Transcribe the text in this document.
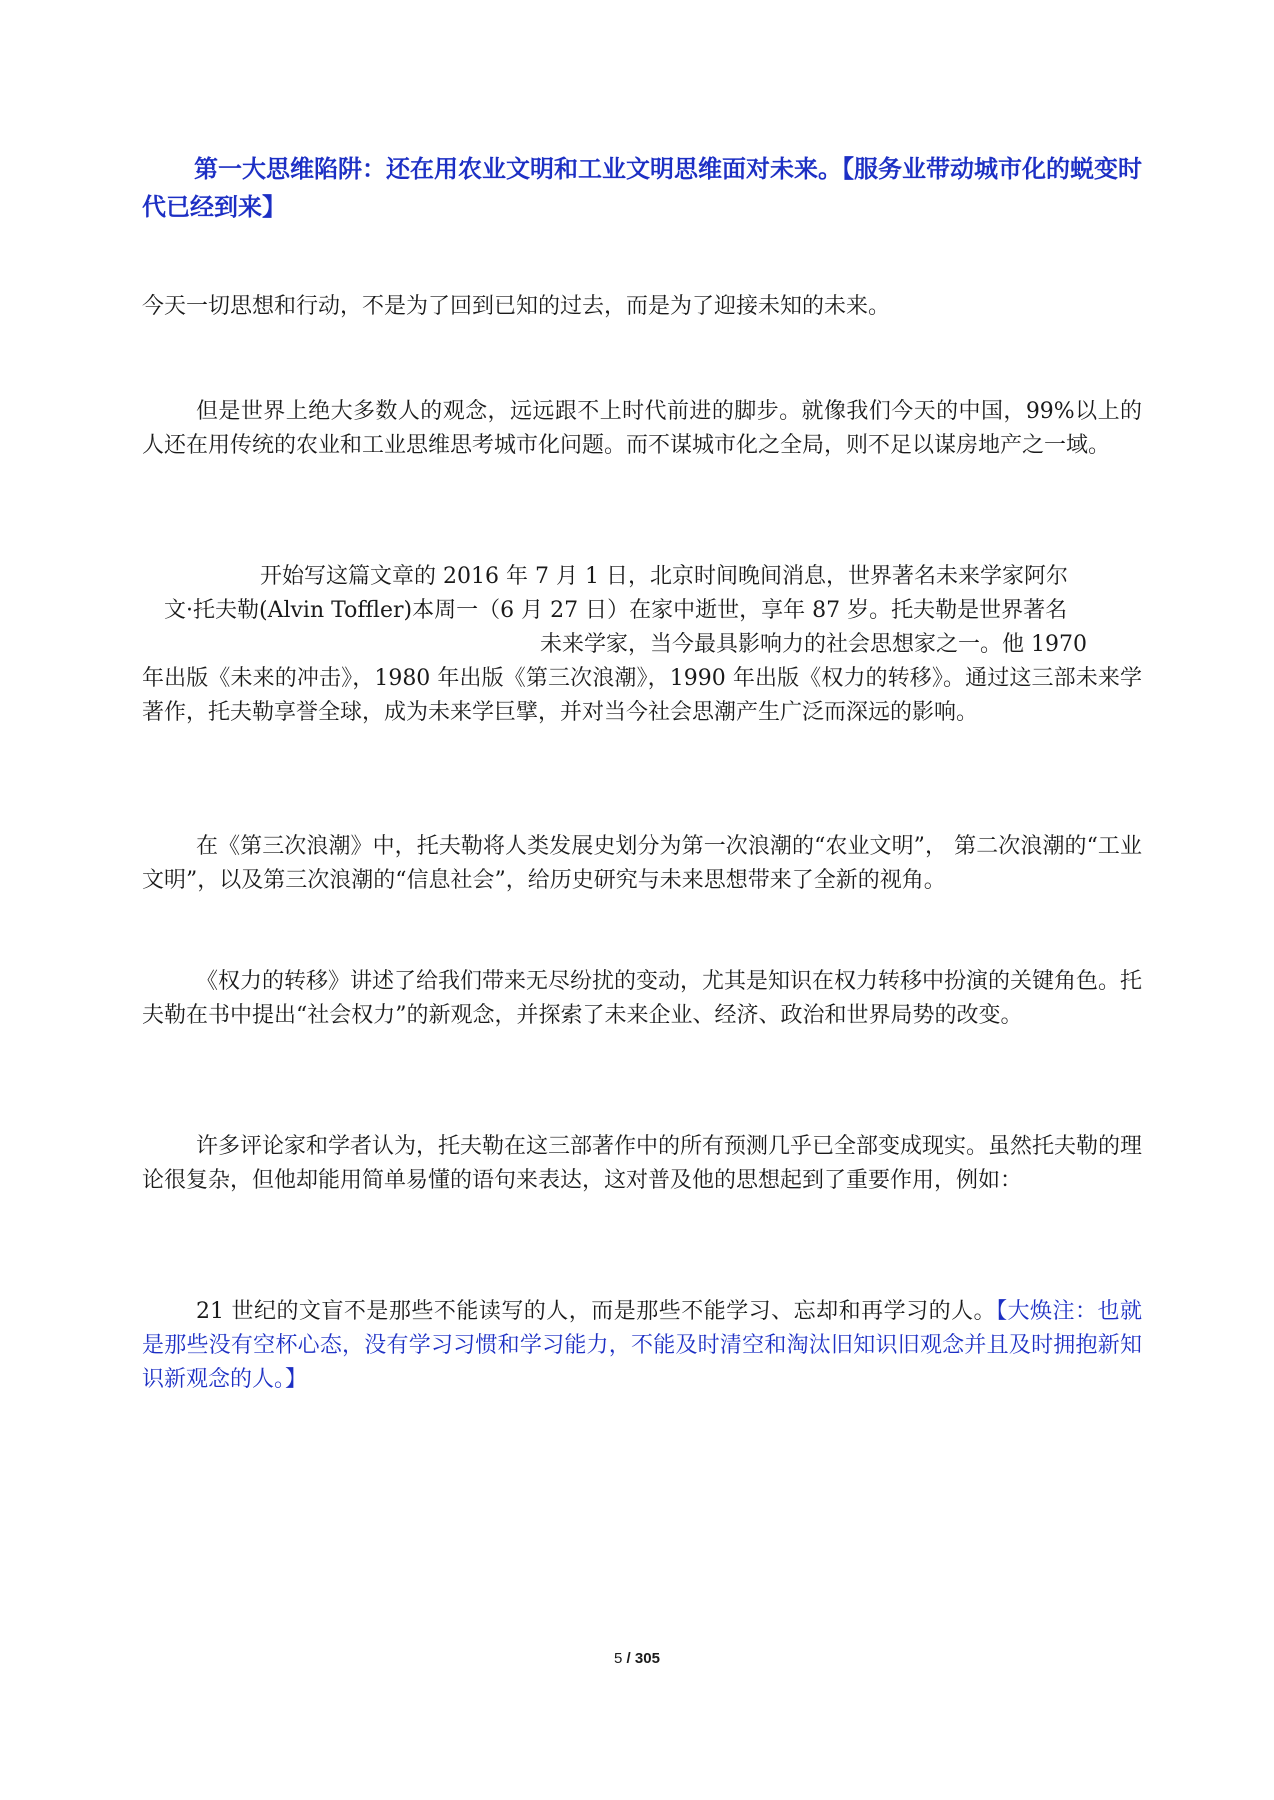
第一大思维陷阱：还在用农业文明和工业文明思维面对未来。【服务业带动城市化的蜕变时代已经到来】

今天一切思想和行动，不是为了回到已知的过去，而是为了迎接未知的未来。

但是世界上绝大多数人的观念，远远跟不上时代前进的脚步。就像我们今天的中国，99%以上的人还在用传统的农业和工业思维思考城市化问题。而不谋城市化之全局，则不足以谋房地产之一域。

开始写这篇文章的 2016 年 7 月 1 日，北京时间晚间消息，世界著名未来学家阿尔
文·托夫勒(Alvin Toffler)本周一（6 月 27 日）在家中逝世，享年 87 岁。托夫勒是世界著名
未来学家，当今最具影响力的社会思想家之一。他 1970
年出版《未来的冲击》，1980 年出版《第三次浪潮》，1990 年出版《权力的转移》。通过这三部未来学著作，托夫勒享誉全球，成为未来学巨擘，并对当今社会思潮产生广泛而深远的影响。

在《第三次浪潮》中，托夫勒将人类发展史划分为第一次浪潮的“农业文明”， 第二次浪潮的“工业文明”，以及第三次浪潮的“信息社会”，给历史研究与未来思想带来了全新的视角。

《权力的转移》讲述了给我们带来无尽纷扰的变动，尤其是知识在权力转移中扮演的关键角色。托夫勒在书中提出“社会权力”的新观念，并探索了未来企业、经济、政治和世界局势的改变。

许多评论家和学者认为，托夫勒在这三部著作中的所有预测几乎已全部变成现实。虽然托夫勒的理论很复杂，但他却能用简单易懂的语句来表达，这对普及他的思想起到了重要作用，例如：

21 世纪的文盲不是那些不能读写的人，而是那些不能学习、忘却和再学习的人。【大焕注：也就是那些没有空杯心态，没有学习习惯和学习能力，不能及时清空和淘汰旧知识旧观念并且及时拥抱新知识新观念的人。】

5 / 305
